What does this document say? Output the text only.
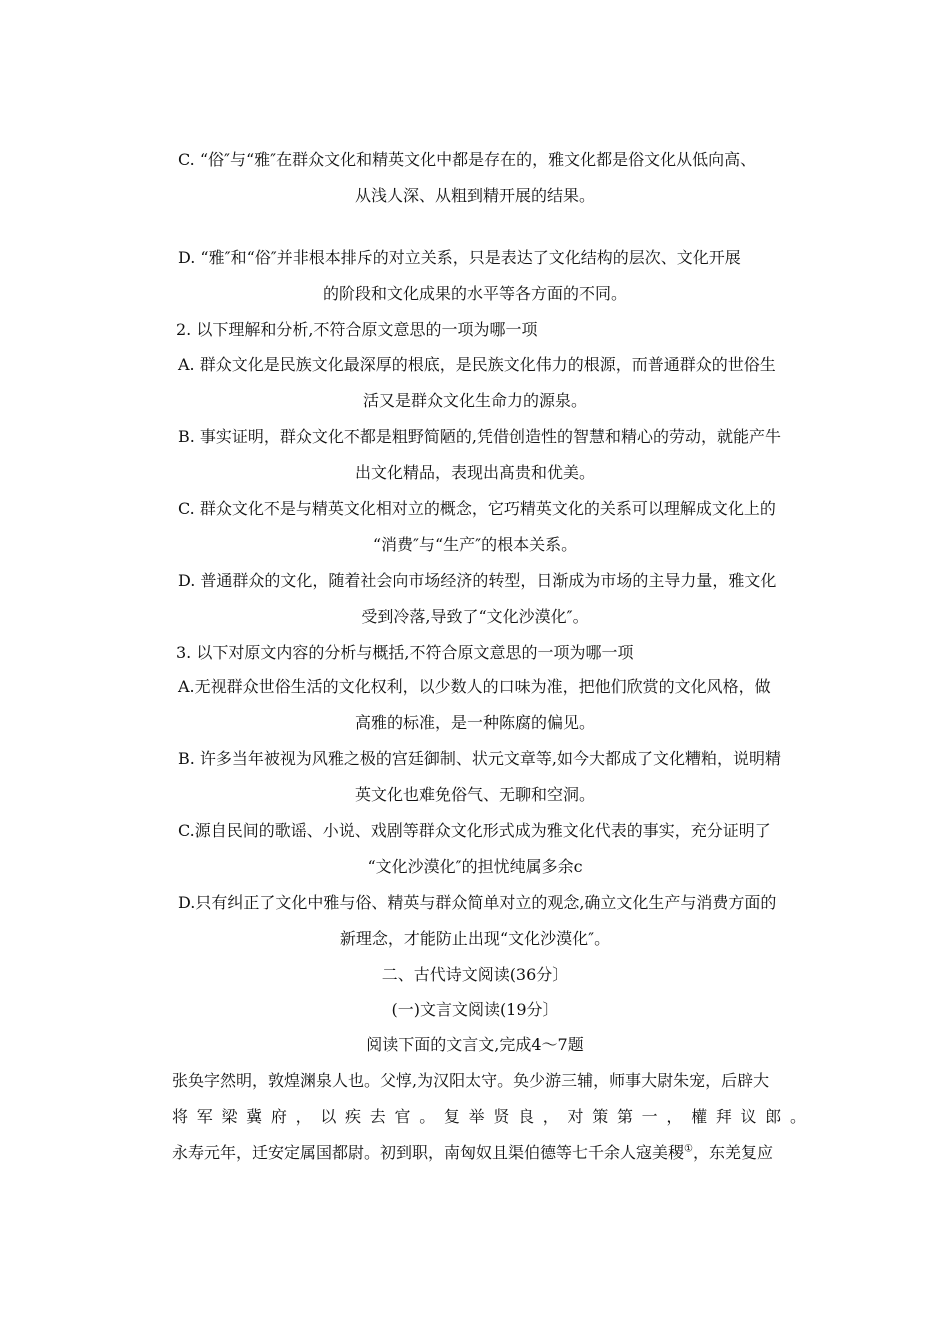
C. “俗″与“雅″在群众文化和精英文化中都是存在的，雅文化都是俗文化从低向高、
从浅人深、从粗到精开展的结果。
D. “雅″和“俗″并非根本排斥的对立关系，只是表达了文化结构的层次、文化开展
的阶段和文化成果的水平等各方面的不同。
2. 以下理解和分析,不符合原文意思的一项为哪一项
A. 群众文化是民族文化最深厚的根底，是民族文化伟力的根源，而普通群众的世俗生
活又是群众文化生命力的源泉。
B. 事实证明，群众文化不都是粗野简陋的,凭借创造性的智慧和精心的劳动，就能产牛
出文化精品，表现出髙贵和优美。
C. 群众文化不是与精英文化相对立的概念，它巧精英文化的关系可以理解成文化上的
“消费″与“生产″的根本关系。
D. 普通群众的文化，随着社会向市场经济的转型，日渐成为市场的主导力量，雅文化
受到冷落,导致了“文化沙漠化″。
3. 以下对原文内容的分析与概括,不符合原文意思的一项为哪一项
A.无视群众世俗生活的文化权利，以少数人的口味为准，把他们欣赏的文化风格，做
高雅的标准，是一种陈腐的偏见。
B. 许多当年被视为风雅之极的宫廷御制、状元文章等,如今大都成了文化糟粕，说明精
英文化也难免俗气、无聊和空洞。
C.源自民间的歌谣、小说、戏剧等群众文化形式成为雅文化代表的事实，充分证明了
“文化沙漠化″的担忧纯属多余c
D.只有纠正了文化中雅与俗、精英与群众简单对立的观念,确立文化生产与消费方面的
新理念，才能防止出现“文化沙漠化″。
二、古代诗文阅读(36分〕
(一)文言文阅读(19分〕
阅读下面的文言文,完成4〜7题
张奂字然明，敦煌渊泉人也。父惇,为汉阳太守。奂少游三辅，师事大尉朱宠，后辟大
将 军 梁 冀 府 ， 以 疾 去 官 。 复 举 贤 良 ， 对 策 第 一 ， 權 拜 议 郎 。
永寿元年，迁安定属国都尉。初到职，南匈奴且渠伯德等七千余人寇美稷①，东羌复应
